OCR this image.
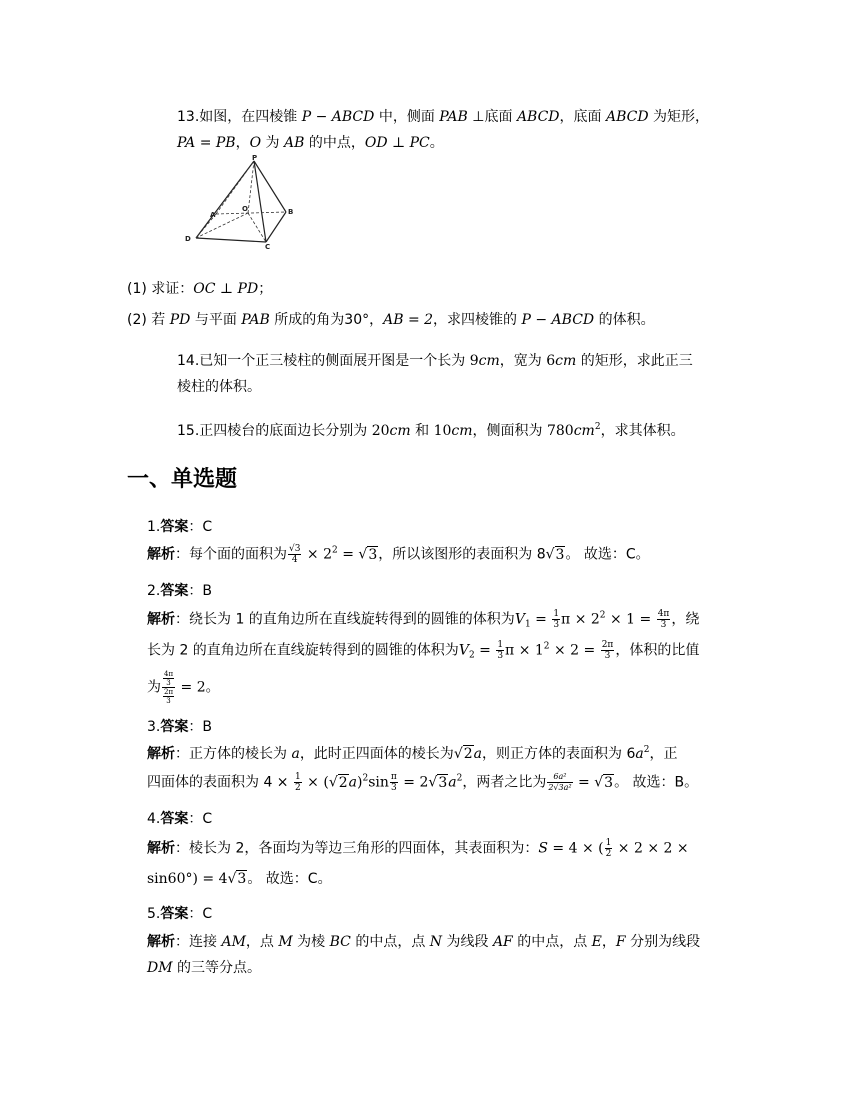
13.如图，在四棱锥 P − ABCD 中，侧面 PAB ⊥底面 ABCD，底面 ABCD 为矩形，
PA = PB，O 为 AB 的中点，OD ⊥ PC。
P
A
O	B
D
C
(1) 求证：OC ⊥ PD；
(2) 若 PD 与平面 PAB 所成的角为30°，AB = 2，求四棱锥的 P − ABCD 的体积。
14.已知一个正三棱柱的侧面展开图是一个长为 9cm，宽为 6cm 的矩形，求此正三
棱柱的体积。
15.正四棱台的底面边长分别为 20cm 和 10cm，侧面积为 $780cm^2$，求其体积。
一、单选题
1.答案：C
解析：每个面的面积为 $\frac{√3}{4} \times 2^2 = √3$，所以该图形的表面积为 8√3。 故选：C。
2.答案：B
解析：绕长为 1 的直角边所在直线旋转得到的圆锥的体积为$V_1 = \frac{1}{3}$ $\pi \times 2^2 \times 1 = \frac{4\pi}{3}$ ，绕
长为 2 的直角边所在直线旋转得到的圆锥的体积为$V_2 = \frac{1}{3}$ $\pi \times 1^2 \times 2 = \frac{2\pi}{3}$ ，体积的比值
为 $\frac{\frac{4\pi}{3}}{\frac{2\pi}{3}} = 2$。
3.答案：B
解析：正方体的棱长为 a，此时正四面体的棱长为√2a，则正方体的表面积为 $6a^2$，正
四面体的表面积为 $4 \times \frac{1}{2} \times (√2a)^2\sin \frac{\pi}{3} = 2√3a^2$，两者之比为 $\frac{\text{6a²}}{\text{2√3a²}} = √3$。 故选：B。
4.答案：C
解析：棱长为 2，各面均为等边三角形的四面体，其表面积为：S = 4 × ( $\frac{1}{2} \times 2 \times 2$ ×
sin60°) = 4√3。 故选：C。
5.答案：C
解析：连接 AM，点 M 为棱 BC 的中点，点 N 为线段 AF 的中点，点 E，F 分别为线段
DM 的三等分点。
